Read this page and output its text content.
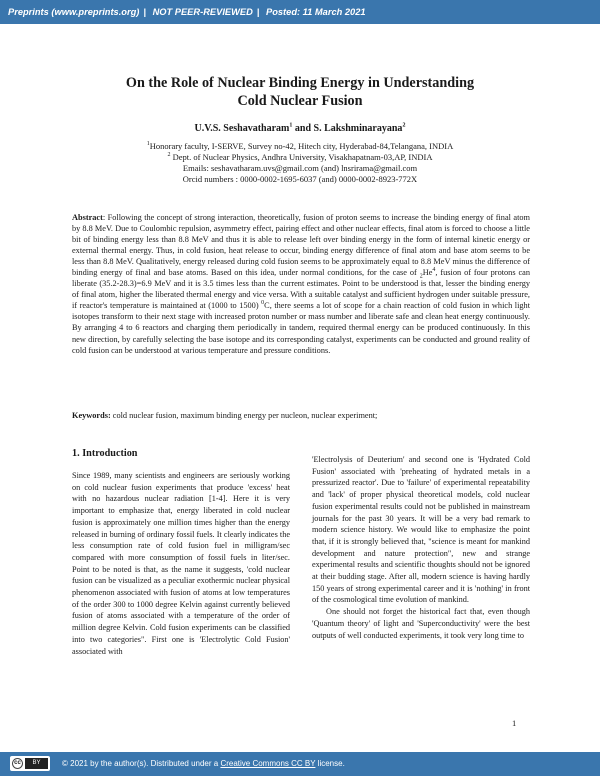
Preprints (www.preprints.org) | NOT PEER-REVIEWED | Posted: 11 March 2021
On the Role of Nuclear Binding Energy in Understanding
Cold Nuclear Fusion
U.V.S. Seshavatharam$^1$ and S. Lakshminarayana$^2$
$^1$Honorary faculty, I-SERVE, Survey no-42, Hitech city, Hyderabad-84,Telangana, INDIA
$^2$ Dept. of Nuclear Physics, Andhra University, Visakhapatnam-03,AP, INDIA
Emails: seshavatharam.uvs@gmail.com (and) lnsrirama@gmail.com
Orcid numbers : 0000-0002-1695-6037 (and) 0000-0002-8923-772X

Abstract: Following the concept of strong interaction, theoretically, fusion of proton seems to increase the binding energy of final atom by 8.8 MeV. Due to Coulombic repulsion, asymmetry effect, pairing effect and other nuclear effects, final atom is forced to choose a little bit of binding energy less than 8.8 MeV and thus it is able to release left over binding energy in the form of internal kinetic energy or external thermal energy. Thus, in cold fusion, heat release to occur, binding energy difference of final atom and base atom seems to be less than 8.8 MeV. Qualitatively, energy released during cold fusion seems to be approximately equal to 8.8 MeV minus the difference of binding energy of final and base atoms. Based on this idea, under normal conditions, for the case of $_2He^4$, fusion of four protons can liberate (35.2-28.3)=6.9 MeV and it is 3.5 times less than the current estimates. Point to be understood is that, lesser the binding energy of final atom, higher the liberated thermal energy and vice versa. With a suitable catalyst and sufficient hydrogen under suitable pressure, if reactor's temperature is maintained at (1000 to 1500) $^0$C, there seems a lot of scope for a chain reaction of cold fusion in which light isotopes transform to their next stage with increased proton number or mass number and liberate safe and clean heat energy continuously. By arranging 4 to 6 reactors and charging them periodically in tandem, required thermal energy can be produced continuously. In this new direction, by carefully selecting the base isotope and its corresponding catalyst, experiments can be conducted and ground reality of cold fusion can be understood at various temperature and pressure conditions.

Keywords: cold nuclear fusion, maximum binding energy per nucleon, nuclear experiment;

1. Introduction

Since 1989, many scientists and engineers are seriously working on cold nuclear fusion experiments that produce 'excess' heat with no hazardous nuclear radiation [1-4]. Here it is very important to emphasize that, energy liberated in cold nuclear fusion is approximately one million times higher than the energy released in burning of ordinary fossil fuels. It clearly indicates the less consumption rate of cold fusion fuel in milligram/sec compared with more consumption of fossil fuels in liter/sec. Point to be noted is that, as the name it suggests, 'cold nuclear fusion can be visualized as a peculiar exothermic nuclear physical phenomenon associated with fusion of atoms at low temperatures of the order 300 to 1000 degree Kelvin against currently believed fusion of atoms associated with a temperature of the order of million degree Kelvin. Cold fusion experiments can be classified into two categories". First one is 'Electrolytic Cold Fusion' associated with

'Electrolysis of Deuterium' and second one is 'Hydrated Cold Fusion' associated with 'preheating of hydrated metals in a pressurized reactor'. Due to 'failure' of experimental repeatability and 'lack' of proper physical theoretical models, cold nuclear fusion experimental results could not be published in mainstream journals for the past 30 years. It will be a very bad remark to modern science history. We would like to emphasize the point that, if it is strongly believed that, "science is meant for mankind development and nature protection", new and strange experimental results and scientific thoughts should not be ignored at their budding stage. After all, modern science is having hardly 150 years of strong experimental career and it is 'nothing' in front of the cosmological time evolution of mankind.

One should not forget the historical fact that, even though 'Quantum theory' of light and 'Superconductivity' were the best outputs of well conducted experiments, it took very long time to

1
cc	BY	© 2021 by the author(s). Distributed under a Creative Commons CC BY license.
